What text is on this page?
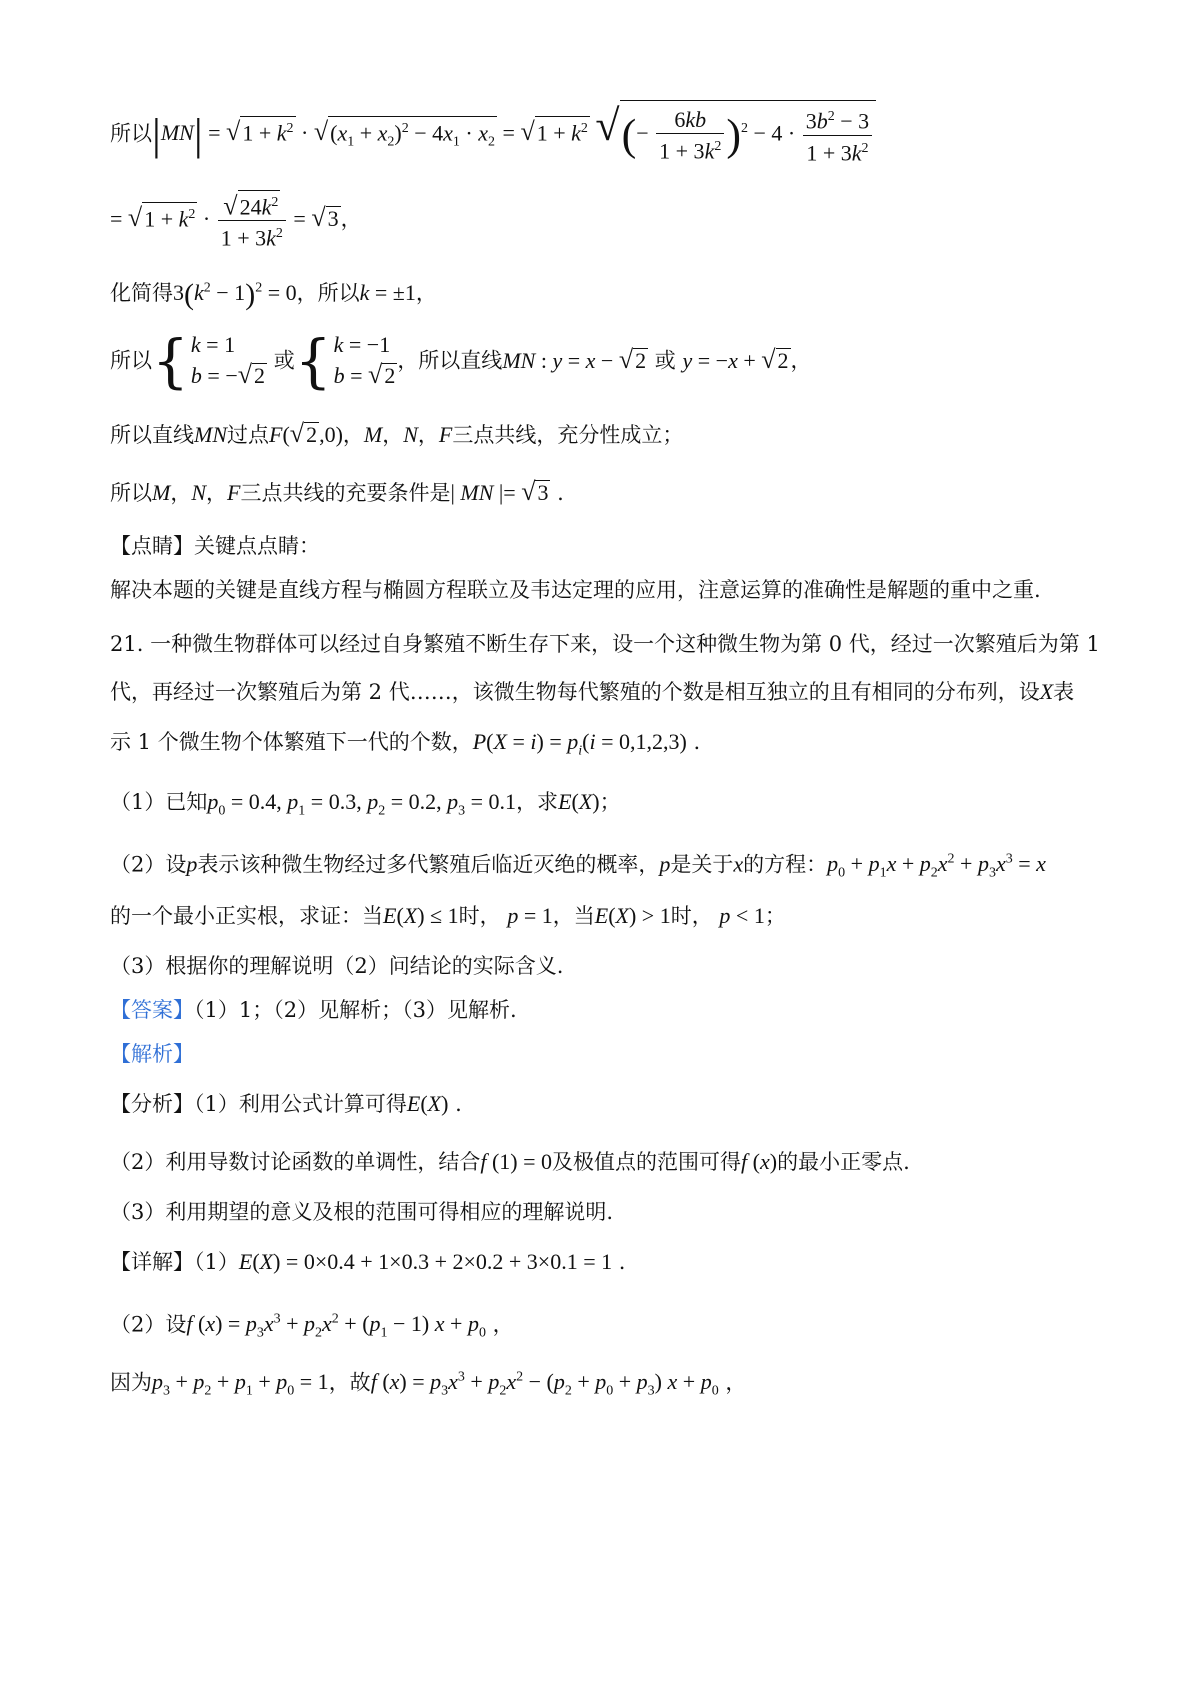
所以$|MN| = √1 + k^2 \cdot √(x_1 + x_2)^2 - 4x_1 \cdot x_2 = √1 + k^2$ √(− $\frac{6kb}{1 + 3k^2} )^2 - 4 \cdot \frac{3b^2 - 3}{1 + 3k^2}$
= $√1 + k^2 \cdot \frac{√24k^2}{1 + 3k^2} = √3$，
化简得$3(k^2 - 1)^2 = 0$，所以k = ±1，
所以{k = 1
b = −√2 或{k = −1
b = √2，所以直线MN : y = x − √2 或 y = −x + √2，
所以直线MN过点F(√2,0)，M，N，F三点共线，充分性成立；
所以M，N，F三点共线的充要条件是| MN |= √3 .
【点睛】关键点点睛：
解决本题的关键是直线方程与椭圆方程联立及韦达定理的应用，注意运算的准确性是解题的重中之重.
21. 一种微生物群体可以经过自身繁殖不断生存下来，设一个这种微生物为第 0 代，经过一次繁殖后为第 1
代，再经过一次繁殖后为第 2 代……，该微生物每代繁殖的个数是相互独立的且有相同的分布列，设X表
示 1 个微生物个体繁殖下一代的个数，$P(X = i) = p_i(i = 0,1,2,3)$ .
（1）已知$p_0 = 0.4$, $p_1 = 0.3$, $p_2 = 0.2$, $p_3 = 0.1$，求E(X)；
（2）设p表示该种微生物经过多代繁殖后临近灭绝的概率，p是关于x的方程：$p_0 + p_1x + p_2x^2 + p_3x^3 = x$
的一个最小正实根，求证：当E(X) ≤ 1时， p = 1，当E(X) > 1时， p < 1；
（3）根据你的理解说明（2）问结论的实际含义.
【答案】（1）1；（2）见解析；（3）见解析.
【解析】
【分析】（1）利用公式计算可得E(X) .
（2）利用导数讨论函数的单调性，结合f (1) = 0及极值点的范围可得f (x)的最小正零点.
（3）利用期望的意义及根的范围可得相应的理解说明.
【详解】（1）E(X) = 0×0.4 + 1×0.3 + 2×0.2 + 3×0.1 = 1 .
（2）设f $(x) = p_3x^3 + p_2x^2 + (p_1 - 1) x + p_0$ ，
因为$p_3 + p_2 + p_1 + p_0 = 1$，故f $(x) = p_3x^3 + p_2x^2 - (p_2 + p_0 + p_3) x + p_0$ ，
